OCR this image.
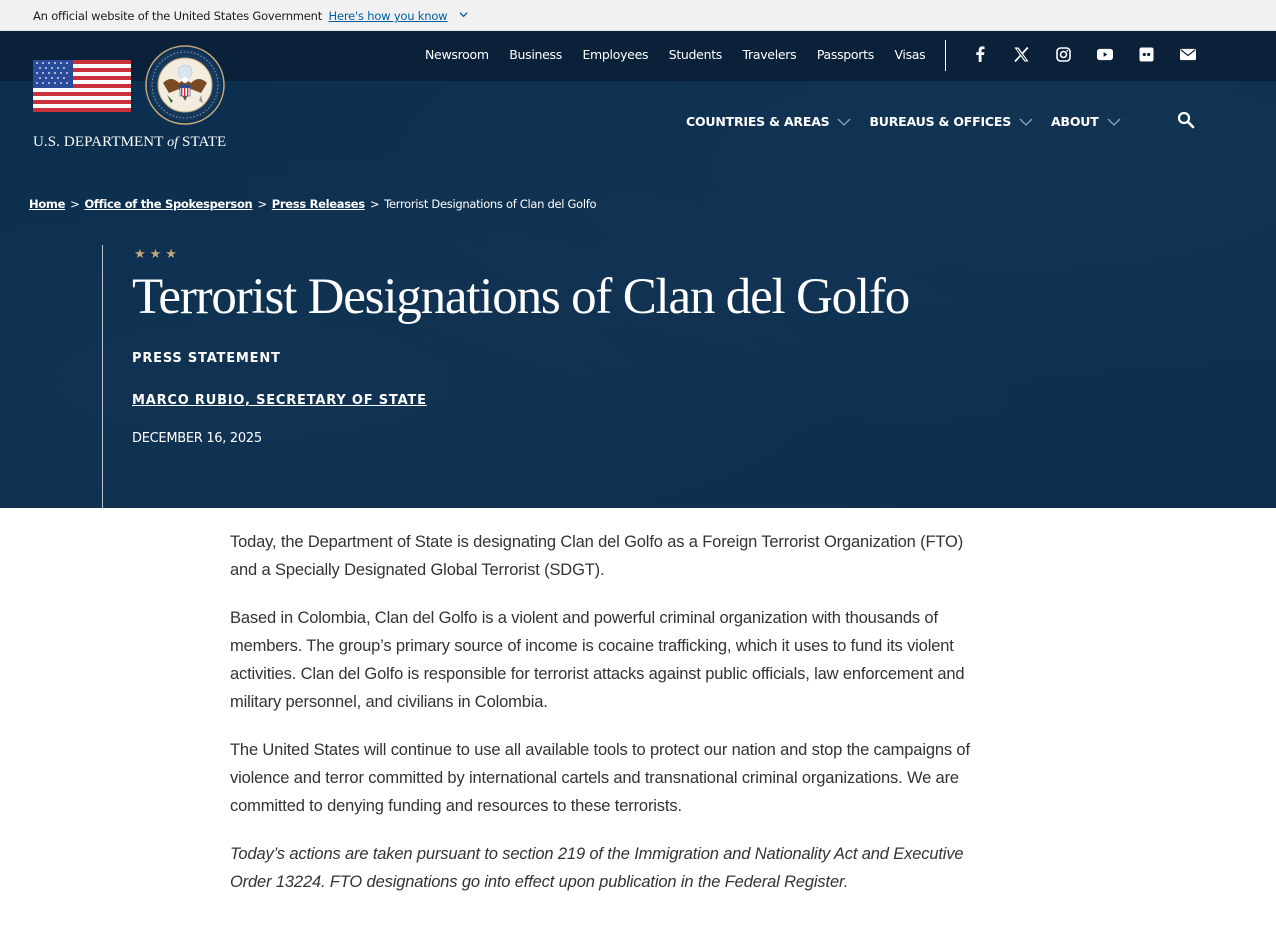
An official website of the United States Government Here's how you know
U.S. DEPARTMENT of STATE
Newsroom Business Employees Students Travelers Passports Visas
COUNTRIES & AREAS	BUREAUS & OFFICES	ABOUT
Home > Office of the Spokesperson > Press Releases > Terrorist Designations of Clan del Golfo
★★★
Terrorist Designations of Clan del Golfo
PRESS STATEMENT
MARCO RUBIO, SECRETARY OF STATE
DECEMBER 16, 2025

Today, the Department of State is designating Clan del Golfo as a Foreign Terrorist Organization (FTO) and a Specially Designated Global Terrorist (SDGT).

Based in Colombia, Clan del Golfo is a violent and powerful criminal organization with thousands of members. The group’s primary source of income is cocaine trafficking, which it uses to fund its violent activities. Clan del Golfo is responsible for terrorist attacks against public officials, law enforcement and military personnel, and civilians in Colombia.

The United States will continue to use all available tools to protect our nation and stop the campaigns of violence and terror committed by international cartels and transnational criminal organizations. We are committed to denying funding and resources to these terrorists.

Today’s actions are taken pursuant to section 219 of the Immigration and Nationality Act and Executive Order 13224. FTO designations go into effect upon publication in the Federal Register.
